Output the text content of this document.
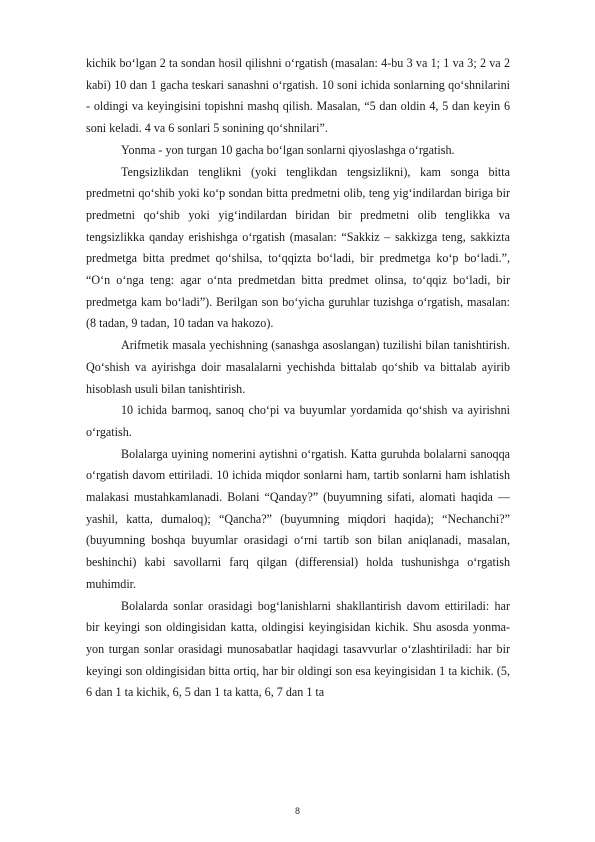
kichik bo‘lgan 2 ta sondan hosil qilishni o‘rgatish (masalan: 4-bu 3 va 1; 1 va 3; 2 va 2 kabi) 10 dan 1 gacha teskari sanashni o‘rgatish. 10 soni ichida sonlarning qo‘shnilarini - oldingi va keyingisini topishni mashq qilish. Masalan, “5 dan oldin 4, 5 dan keyin 6 soni keladi. 4 va 6 sonlari 5 sonining qo‘shnilari”.

Yonma - yon turgan 10 gacha bo‘lgan sonlarni qiyoslashga o‘rgatish.

Tengsizlikdan tenglikni (yoki tenglikdan tengsizlikni), kam songa bitta predmetni qo‘shib yoki ko‘p sondan bitta predmetni olib, teng yig‘indilardan biriga bir predmetni qo‘shib yoki yig‘indilardan biridan bir predmetni olib tenglikka va tengsizlikka qanday erishishga o‘rgatish (masalan: “Sakkiz – sakkizga teng, sakkizta predmetga bitta predmet qo‘shilsa, to‘qqizta bo‘ladi, bir predmetga ko‘p bo‘ladi.”, “O‘n o‘nga teng: agar o‘nta predmetdan bitta predmet olinsa, to‘qqiz bo‘ladi, bir predmetga kam bo‘ladi”). Berilgan son bo‘yicha guruhlar tuzishga o‘rgatish, masalan: (8 tadan, 9 tadan, 10 tadan va hakozo).

Arifmetik masala yechishning (sanashga asoslangan) tuzilishi bilan tanishtirish. Qo‘shish va ayirishga doir masalalarni yechishda bittalab qo‘shib va bittalab ayirib hisoblash usuli bilan tanishtirish.

10 ichida barmoq, sanoq cho‘pi va buyumlar yordamida qo‘shish va ayirishni o‘rgatish.

Bolalarga uyining nomerini aytishni o‘rgatish. Katta guruhda bolalarni sanoqqa o‘rgatish davom ettiriladi. 10 ichida miqdor sonlarni ham, tartib sonlarni ham ishlatish malakasi mustahkamlanadi. Bolani “Qanday?” (buyumning sifati, alomati haqida — yashil, katta, dumaloq); “Qancha?” (buyumning miqdori haqida); “Nechanchi?” (buyumning boshqa buyumlar orasidagi o‘rni tartib son bilan aniqlanadi, masalan, beshinchi) kabi savollarni farq qilgan (differensial) holda tushunishga o‘rgatish muhimdir.

Bolalarda sonlar orasidagi bog‘lanishlarni shakllantirish davom ettiriladi: har bir keyingi son oldingisidan katta, oldingisi keyingisidan kichik. Shu asosda yonma-yon turgan sonlar orasidagi munosabatlar haqidagi tasavvurlar o‘zlashtiriladi: har bir keyingi son oldingisidan bitta ortiq, har bir oldingi son esa keyingisidan 1 ta kichik. (5, 6 dan 1 ta kichik, 6, 5 dan 1 ta katta, 6, 7 dan 1 ta

8
